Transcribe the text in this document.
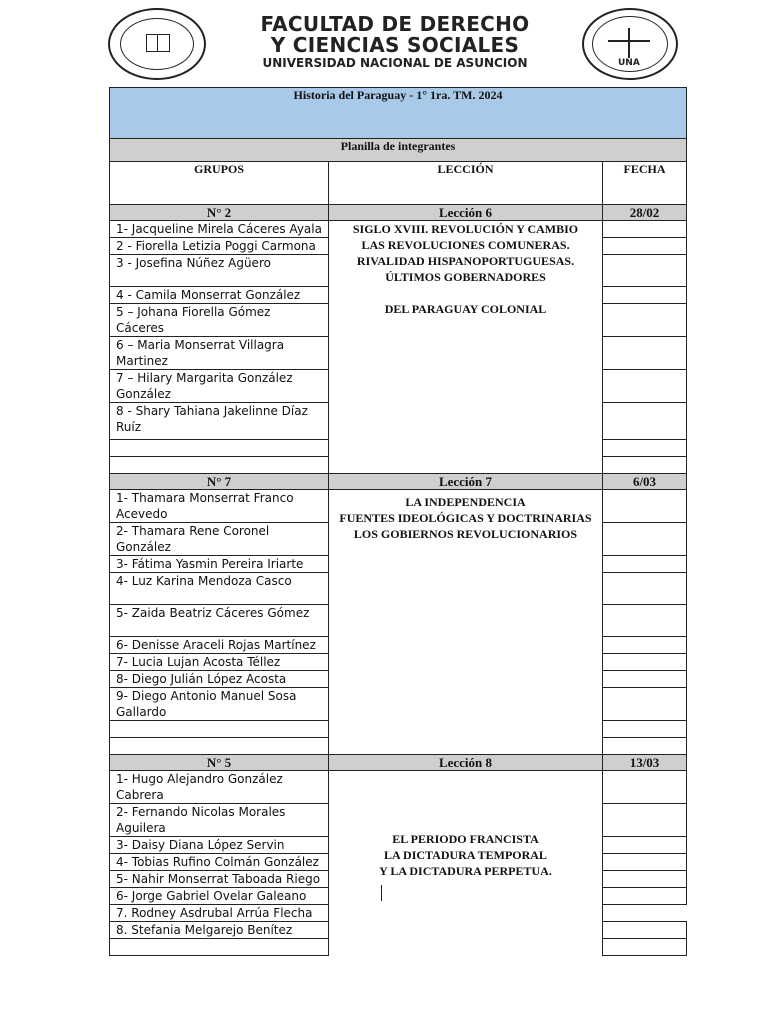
FACULTAD DE DERECHO
Y CIENCIAS SOCIALES
UNIVERSIDAD NACIONAL DE ASUNCION	UNA
Historia del Paraguay - 1° 1ra. TM. 2024		
Planilla de integrantes		
GRUPOS	LECCIÓN	FECHA
N° 2	Lección 6	28/02
1- Jacqueline Mirela Cáceres Ayala	SIGLO XVIII. REVOLUCIÓN Y CAMBIO
LAS REVOLUCIONES COMUNERAS.
RIVALIDAD HISPANOPORTUGUESAS.
ÚLTIMOS GOBERNADORES
DEL PARAGUAY COLONIAL	

2 - Fiorella Letizia Poggi Carmona		
3 - Josefina Núñez Agüero		
4 - Camila Monserrat González		
5 – Johana Fiorella Gómez Cáceres		
6 – Maria Monserrat Villagra Martinez		
7 – Hilary Margarita González González		
8 - Shary Tahiana Jakelinne Díaz Ruíz		

N° 7	Lección 7	6/03
1- Thamara Monserrat Franco Acevedo	LA INDEPENDENCIA
FUENTES IDEOLÓGICAS Y DOCTRINARIAS
LOS GOBIERNOS REVOLUCIONARIOS	

2- Thamara Rene Coronel González		
3- Fátima Yasmin Pereira Iriarte		
4- Luz Karina Mendoza Casco		
5- Zaida Beatriz Cáceres Gómez		
6- Denisse Araceli Rojas Martínez		
7- Lucia Lujan Acosta Téllez		
8- Diego Julián López Acosta		
9- Diego Antonio Manuel Sosa Gallardo		

N° 5	Lección 8	13/03
1- Hugo Alejandro González Cabrera	EL PERIODO FRANCISTA
LA DICTADURA TEMPORAL
Y LA DICTADURA PERPETUA.	

2- Fernando Nicolas Morales Aguilera		
3- Daisy Diana López Servin		
4- Tobias Rufino Colmán González		
5- Nahir Monserrat Taboada Riego		
6- Jorge Gabriel Ovelar Galeano		
7. Rodney Asdrubal Arrúa Flecha		
8. Stefania Melgarejo Benítez		
